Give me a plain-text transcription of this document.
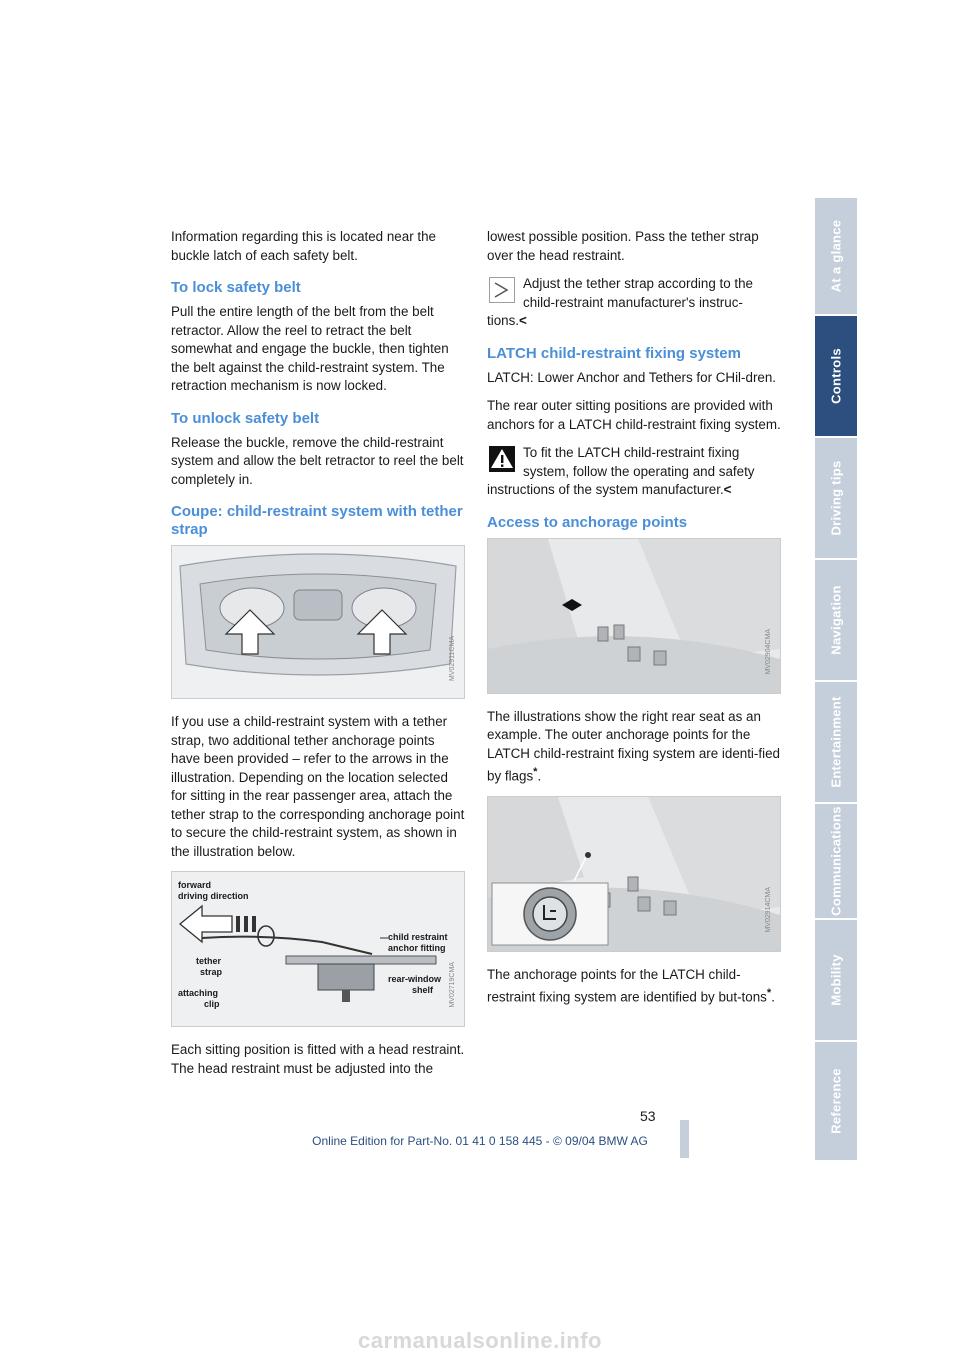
Information regarding this is located near the buckle latch of each safety belt.

To lock safety belt

Pull the entire length of the belt from the belt retractor. Allow the reel to retract the belt somewhat and engage the buckle, then tighten the belt against the child-restraint system. The retraction mechanism is now locked.

To unlock safety belt

Release the buckle, remove the child-restraint system and allow the belt retractor to reel the belt completely in.

Coupe: child-restraint system with tether strap
MV02911CMA

If you use a child-restraint system with a tether strap, two additional tether anchorage points have been provided – refer to the arrows in the illustration. Depending on the location selected for sitting in the rear passenger area, attach the tether strap to the corresponding anchorage point to secure the child-restraint system, as shown in the illustration below.

forward
driving direction
child restraint
anchor fitting
tether
strap
rear-window
shelf
attaching
clip	MV02719CMA

Each sitting position is fitted with a head restraint.
The head restraint must be adjusted into the

lowest possible position. Pass the tether strap over the head restraint.

Adjust the tether strap according to the child-restraint manufacturer's instruc-

tions.<

LATCH child-restraint fixing system

LATCH: Lower Anchor and Tethers for CHil-dren.

The rear outer sitting positions are provided with anchors for a LATCH child-restraint fixing system.

To fit the LATCH child-restraint fixing system, follow the operating and safety

instructions of the system manufacturer.<

Access to anchorage points
MV02904CMA

The illustrations show the right rear seat as an example. The outer anchorage points for the LATCH child-restraint fixing system are identi-fied by flags*.

MV02914CMA

The anchorage points for the LATCH child-restraint fixing system are identified by but-tons*.

At a glance
Controls
Driving tips
Navigation
Entertainment
Communications
Mobility
Reference
53
Online Edition for Part-No. 01 41 0 158 445 - © 09/04 BMW AG
carmanualsonline.info
